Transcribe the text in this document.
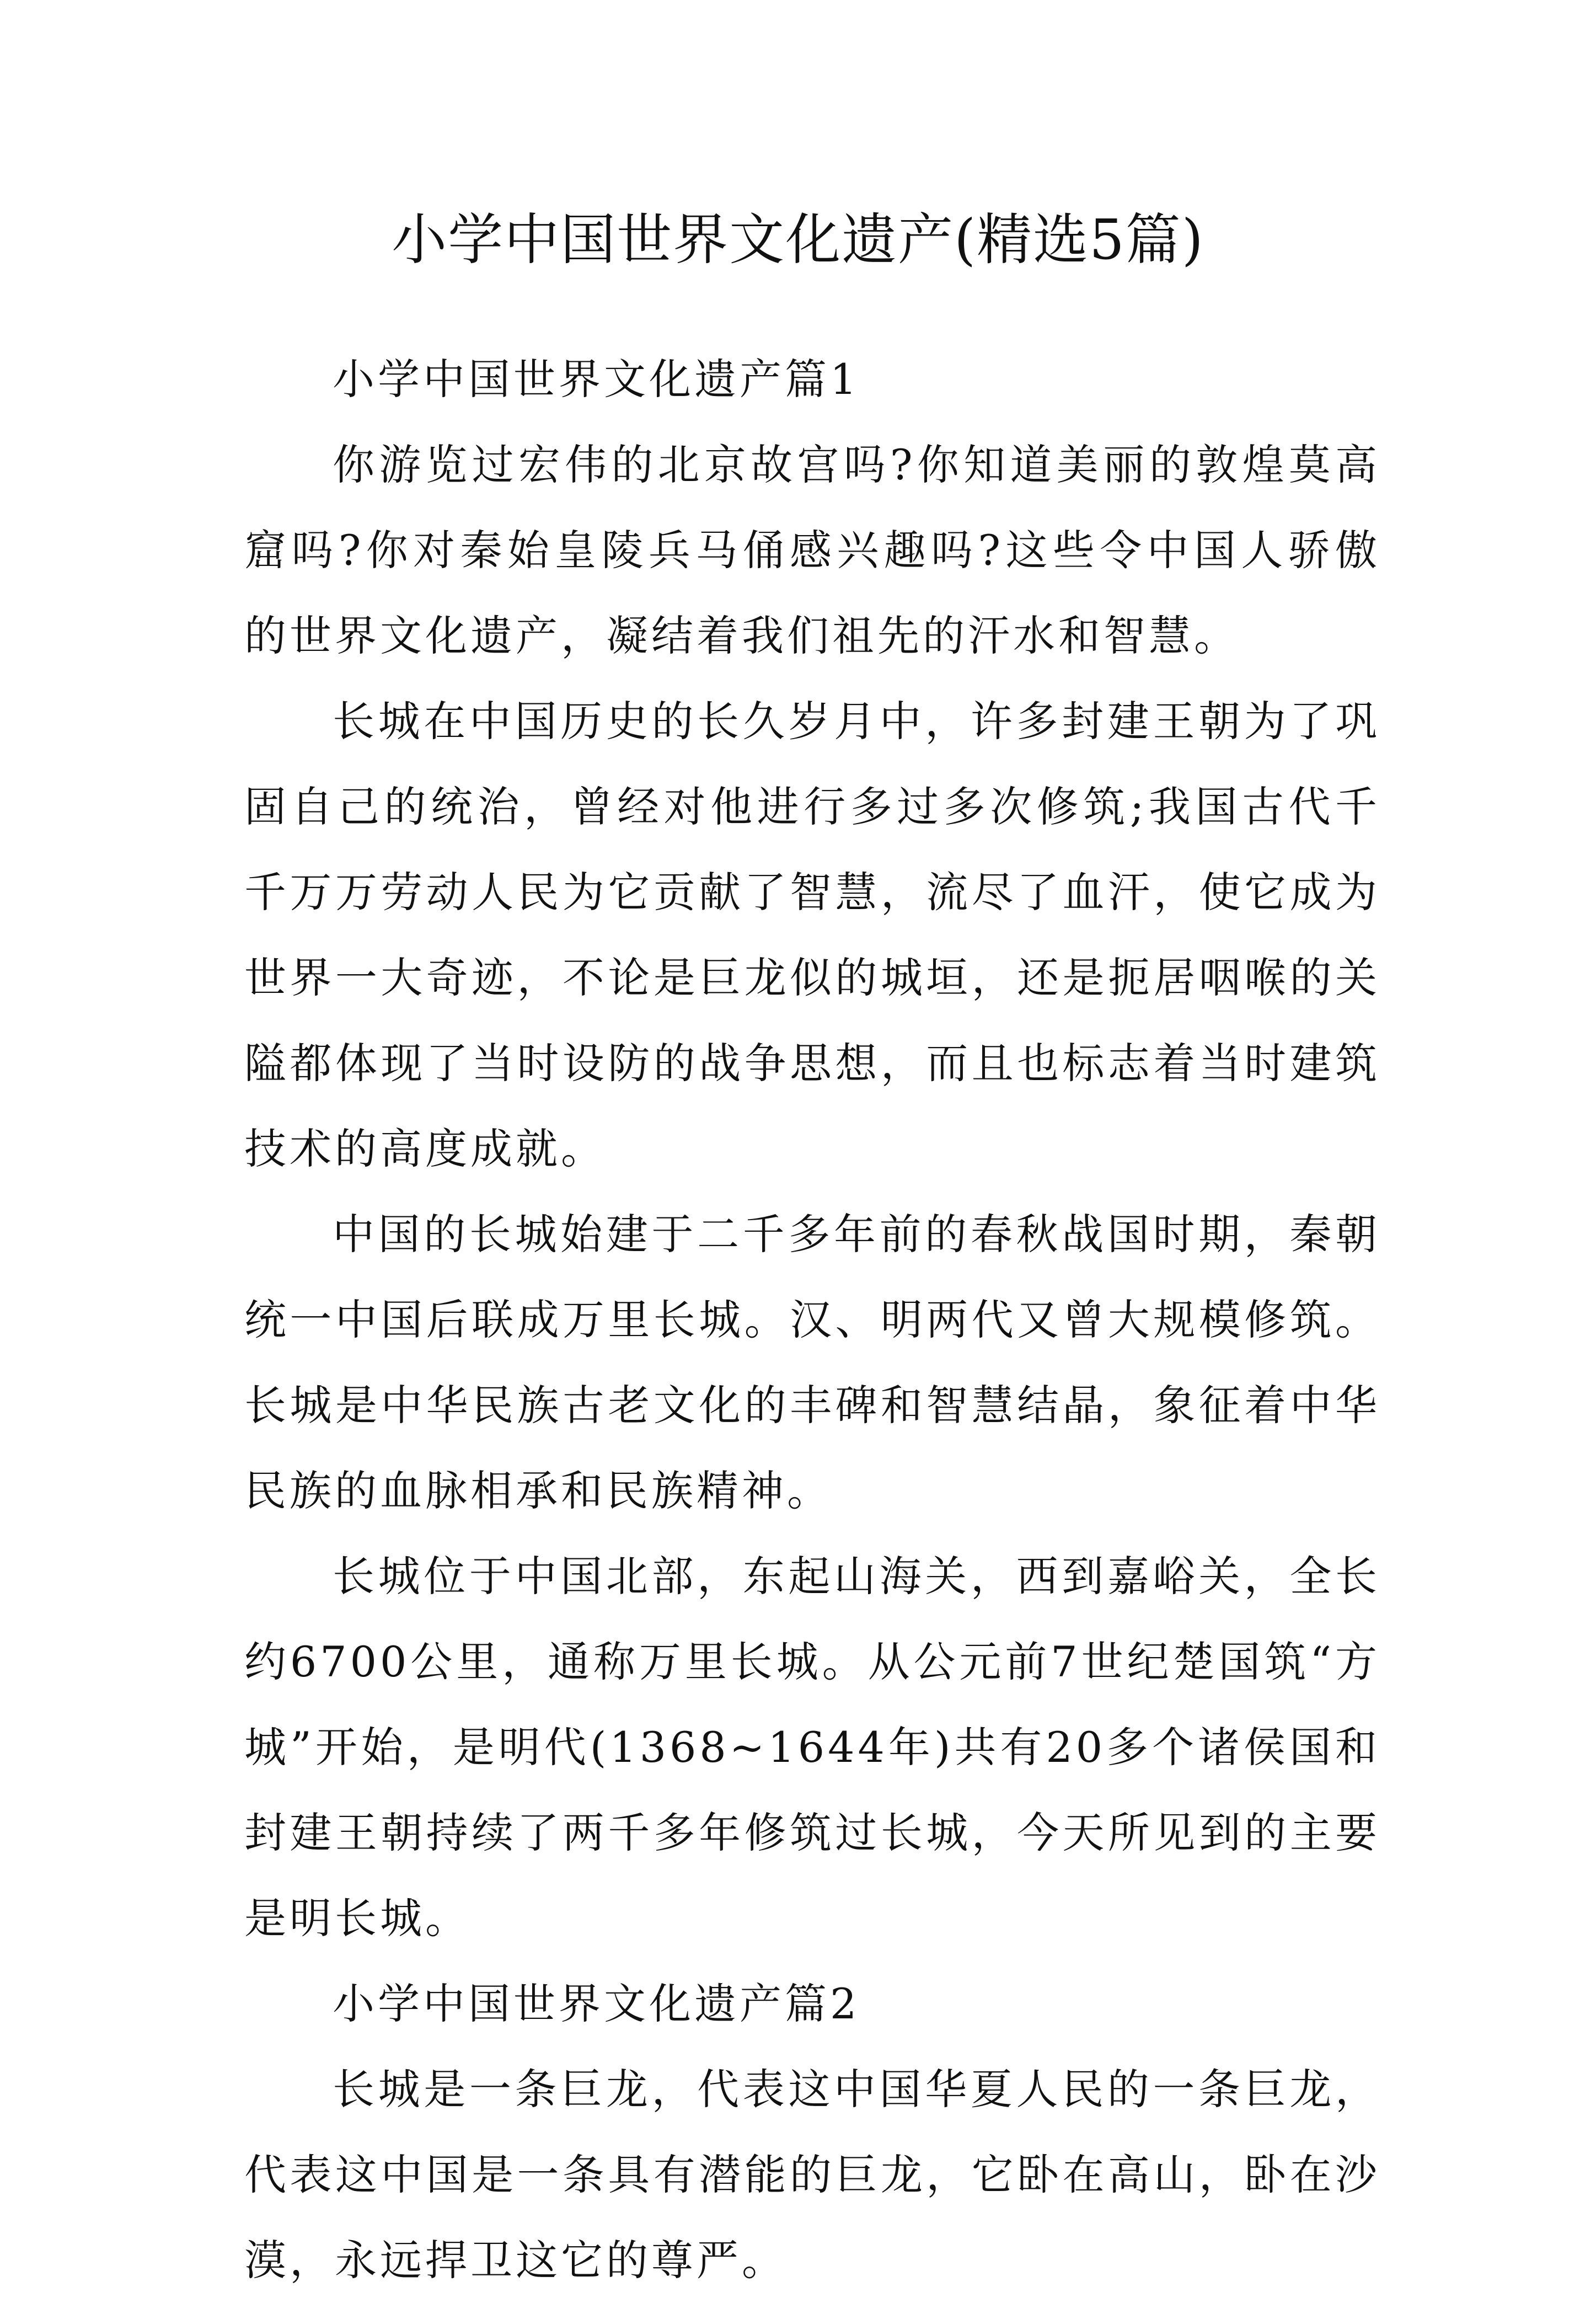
小学中国世界文化遗产(精选5篇)

小学中国世界文化遗产篇1

你游览过宏伟的北京故宫吗?你知道美丽的敦煌莫高窟吗?你对秦始皇陵兵马俑感兴趣吗?这些令中国人骄傲的世界文化遗产，凝结着我们祖先的汗水和智慧。

长城在中国历史的长久岁月中，许多封建王朝为了巩固自己的统治，曾经对他进行多过多次修筑;我国古代千千万万劳动人民为它贡献了智慧，流尽了血汗，使它成为世界一大奇迹，不论是巨龙似的城垣，还是扼居咽喉的关隘都体现了当时设防的战争思想，而且也标志着当时建筑技术的高度成就。

中国的长城始建于二千多年前的春秋战国时期，秦朝统一中国后联成万里长城。汉、明两代又曾大规模修筑。长城是中华民族古老文化的丰碑和智慧结晶，象征着中华民族的血脉相承和民族精神。

长城位于中国北部，东起山海关，西到嘉峪关，全长约6700公里，通称万里长城。从公元前7世纪楚国筑“方城”开始，是明代(1368~1644年)共有20多个诸侯国和封建王朝持续了两千多年修筑过长城，今天所见到的主要是明长城。

小学中国世界文化遗产篇2

长城是一条巨龙，代表这中国华夏人民的一条巨龙，代表这中国是一条具有潜能的巨龙，它卧在高山，卧在沙漠，永远捍卫这它的尊严。
